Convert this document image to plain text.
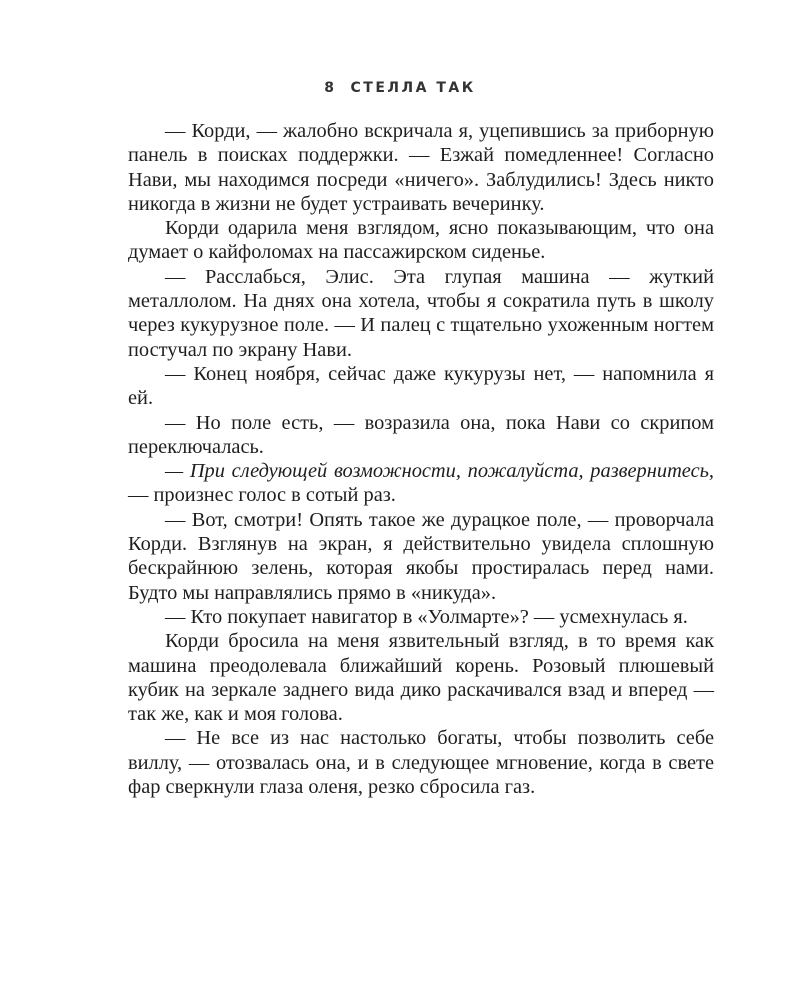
8 СТЕЛЛА ТАК

— Корди, — жалобно вскричала я, уцепившись за приборную панель в поисках поддержки. — Езжай помедленнее! Согласно Нави, мы находимся посреди «ничего». Заблудились! Здесь никто никогда в жизни не будет устраивать вечеринку.

Корди одарила меня взглядом, ясно показывающим, что она думает о кайфоломах на пассажирском сиденье.

— Расслабься, Элис. Эта глупая машина — жуткий металлолом. На днях она хотела, чтобы я сократила путь в школу через кукурузное поле. — И палец с тщательно ухоженным ногтем постучал по экрану Нави.

— Конец ноября, сейчас даже кукурузы нет, — напомнила я ей.

— Но поле есть, — возразила она, пока Нави со скрипом переключалась.

— При следующей возможности, пожалуйста, развернитесь, — произнес голос в сотый раз.

— Вот, смотри! Опять такое же дурацкое поле, — проворчала Корди. Взглянув на экран, я действительно увидела сплошную бескрайнюю зелень, которая якобы простиралась перед нами. Будто мы направлялись прямо в «никуда».

— Кто покупает навигатор в «Уолмарте»? — усмехнулась я.

Корди бросила на меня язвительный взгляд, в то время как машина преодолевала ближайший корень. Розовый плюшевый кубик на зеркале заднего вида дико раскачивался взад и вперед — так же, как и моя голова.

— Не все из нас настолько богаты, чтобы позволить себе виллу, — отозвалась она, и в следующее мгновение, когда в свете фар сверкнули глаза оленя, резко сбросила газ.
